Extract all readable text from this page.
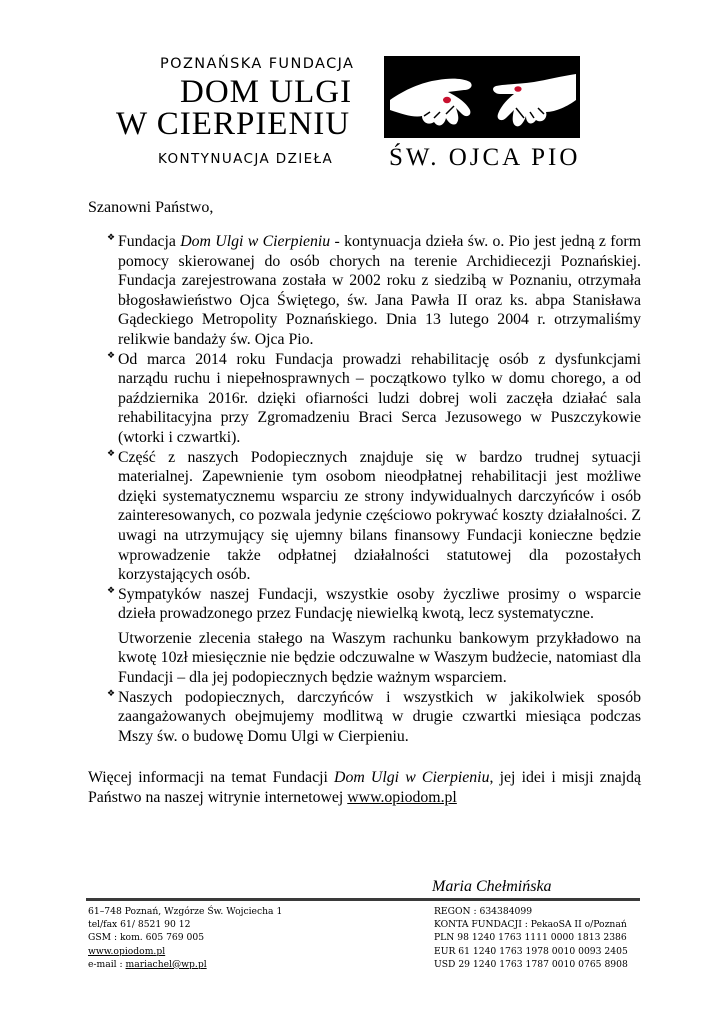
POZNAŃSKA FUNDACJA
DOM ULGI
W CIERPIENIU
KONTYNUACJA DZIEŁA ŚW. OJCA PIO
Szanowni Państwo,
❖ Fundacja Dom Ulgi w Cierpieniu - kontynuacja dzieła św. o. Pio jest jedną z form pomocy skierowanej do osób chorych na terenie Archidiecezji Poznańskiej. Fundacja zarejestrowana została w 2002 roku z siedzibą w Poznaniu, otrzymała błogosławieństwo Ojca Świętego, św. Jana Pawła II oraz ks. abpa Stanisława Gądeckiego Metropolity Poznańskiego. Dnia 13 lutego 2004 r. otrzymaliśmy relikwie bandaży św. Ojca Pio.
❖ Od marca 2014 roku Fundacja prowadzi rehabilitację osób z dysfunkcjami narządu ruchu i niepełnosprawnych – początkowo tylko w domu chorego, a od października 2016r. dzięki ofiarności ludzi dobrej woli zaczęła działać sala rehabilitacyjna przy Zgromadzeniu Braci Serca Jezusowego w Puszczykowie (wtorki i czwartki).
❖ Część z naszych Podopiecznych znajduje się w bardzo trudnej sytuacji materialnej. Zapewnienie tym osobom nieodpłatnej rehabilitacji jest możliwe dzięki systematycznemu wsparciu ze strony indywidualnych darczyńców i osób zainteresowanych, co pozwala jedynie częściowo pokrywać koszty działalności. Z uwagi na utrzymujący się ujemny bilans finansowy Fundacji konieczne będzie wprowadzenie także odpłatnej działalności statutowej dla pozostałych korzystających osób.
❖ Sympatyków naszej Fundacji, wszystkie osoby życzliwe prosimy o wsparcie dzieła prowadzonego przez Fundację niewielką kwotą, lecz systematyczne.
Utworzenie zlecenia stałego na Waszym rachunku bankowym przykładowo na kwotę 10zł miesięcznie nie będzie odczuwalne w Waszym budżecie, natomiast dla Fundacji – dla jej podopiecznych będzie ważnym wsparciem.
❖ Naszych podopiecznych, darczyńców i wszystkich w jakikolwiek sposób zaangażowanych obejmujemy modlitwą w drugie czwartki miesiąca podczas Mszy św. o budowę Domu Ulgi w Cierpieniu.
Więcej informacji na temat Fundacji Dom Ulgi w Cierpieniu, jej idei i misji znajdą Państwo na naszej witrynie internetowej www.opiodom.pl
Maria Chełmińska
61–748 Poznań, Wzgórze Św. Wojciecha 1
tel/fax 61/ 8521 90 12
GSM : kom. 605 769 005
www.opiodom.pl
e-mail : mariachel@wp.pl
REGON : 634384099
KONTA FUNDACJI : PekaoSA II o/Poznań
PLN 98 1240 1763 1111 0000 1813 2386
EUR 61 1240 1763 1978 0010 0093 2405
USD 29 1240 1763 1787 0010 0765 8908
